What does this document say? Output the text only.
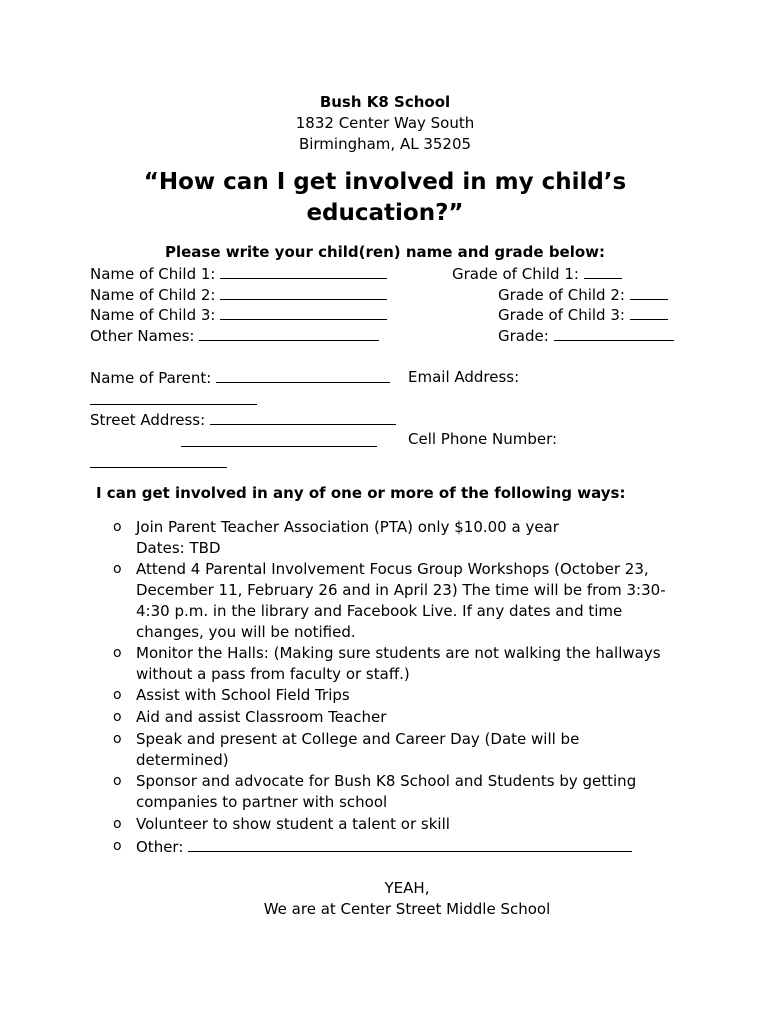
Bush K8 School
1832 Center Way South
Birmingham, AL 35205
“How can I get involved in my child’s
education?”
Please write your child(ren) name and grade below:
Name of Child 1:
Name of Child 2:
Name of Child 3:
Other Names:
Grade of Child 1:
Grade of Child 2:
Grade of Child 3:
Grade:
Name of Parent:	Email Address:
Street Address:
Cell Phone Number:
I can get involved in any of one or more of the following ways:
o Join Parent Teacher Association (PTA) only $10.00 a year
Dates: TBD
o Attend 4 Parental Involvement Focus Group Workshops (October 23,
December 11, February 26 and in April 23) The time will be from 3:30-
4:30 p.m. in the library and Facebook Live. If any dates and time
changes, you will be notified.
o Monitor the Halls: (Making sure students are not walking the hallways
without a pass from faculty or staff.)
o Assist with School Field Trips
o Aid and assist Classroom Teacher
o Speak and present at College and Career Day (Date will be
determined)
o Sponsor and advocate for Bush K8 School and Students by getting
companies to partner with school
o Volunteer to show student a talent or skill
o Other:
YEAH,
We are at Center Street Middle School
